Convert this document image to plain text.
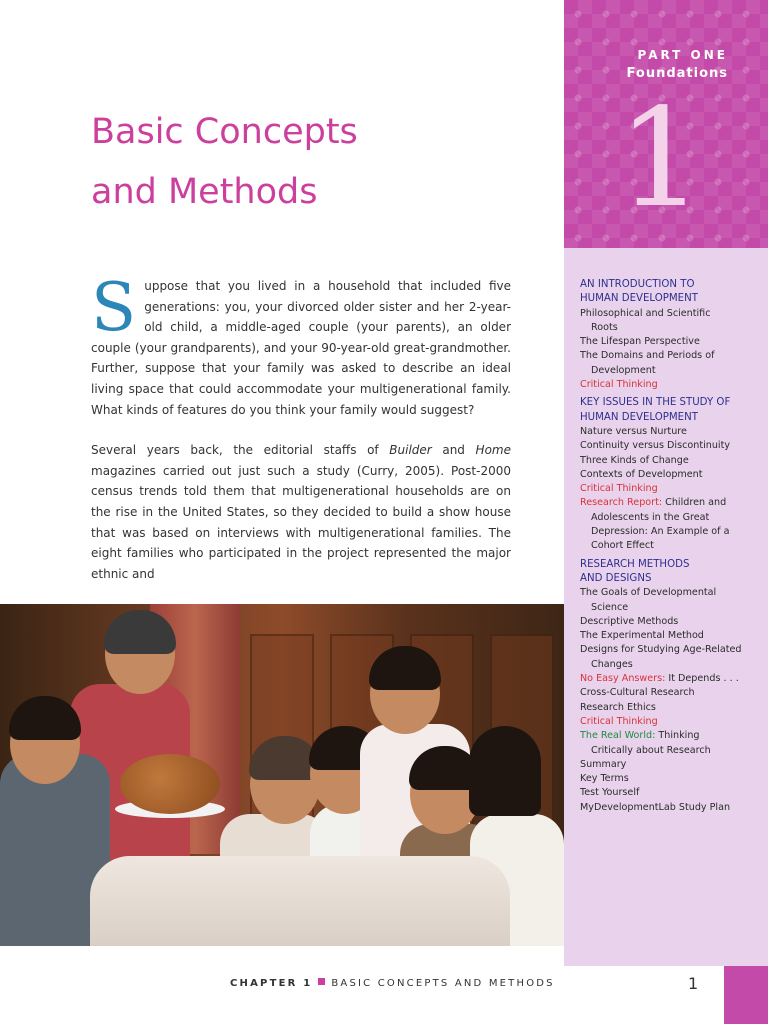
PART ONE
Foundations
1
AN INTRODUCTION TO
HUMAN DEVELOPMENT
Philosophical and Scientific
Roots
The Lifespan Perspective
The Domains and Periods of
Development
Critical Thinking
KEY ISSUES IN THE STUDY OF
HUMAN DEVELOPMENT
Nature versus Nurture
Continuity versus Discontinuity
Three Kinds of Change
Contexts of Development
Critical Thinking
Research Report: Children and
Adolescents in the Great
Depression: An Example of a
Cohort Effect
RESEARCH METHODS
AND DESIGNS
The Goals of Developmental
Science
Descriptive Methods
The Experimental Method
Designs for Studying Age-Related
Changes
No Easy Answers: It Depends . . .
Cross-Cultural Research
Research Ethics
Critical Thinking
The Real World: Thinking
Critically about Research
Summary
Key Terms
Test Yourself
MyDevelopmentLab Study Plan
Basic Concepts
and Methods

Suppose that you lived in a household that included five generations: you, your divorced older sister and her 2-year-old child, a middle-aged couple (your parents), an older couple (your grandparents), and your 90-year-old great-grandmother. Further, suppose that your family was asked to describe an ideal living space that could accommodate your multigenerational family. What kinds of features do you think your family would suggest?

Several years back, the editorial staffs of Builder and Home magazines carried out just such a study (Curry, 2005). Post-2000 census trends told them that multigenerational households are on the rise in the United States, so they decided to build a show house that was based on interviews with multigenerational families. The eight families who participated in the project represented the major ethnic and

CHAPTER 1 BASIC CONCEPTS AND METHODS	1
